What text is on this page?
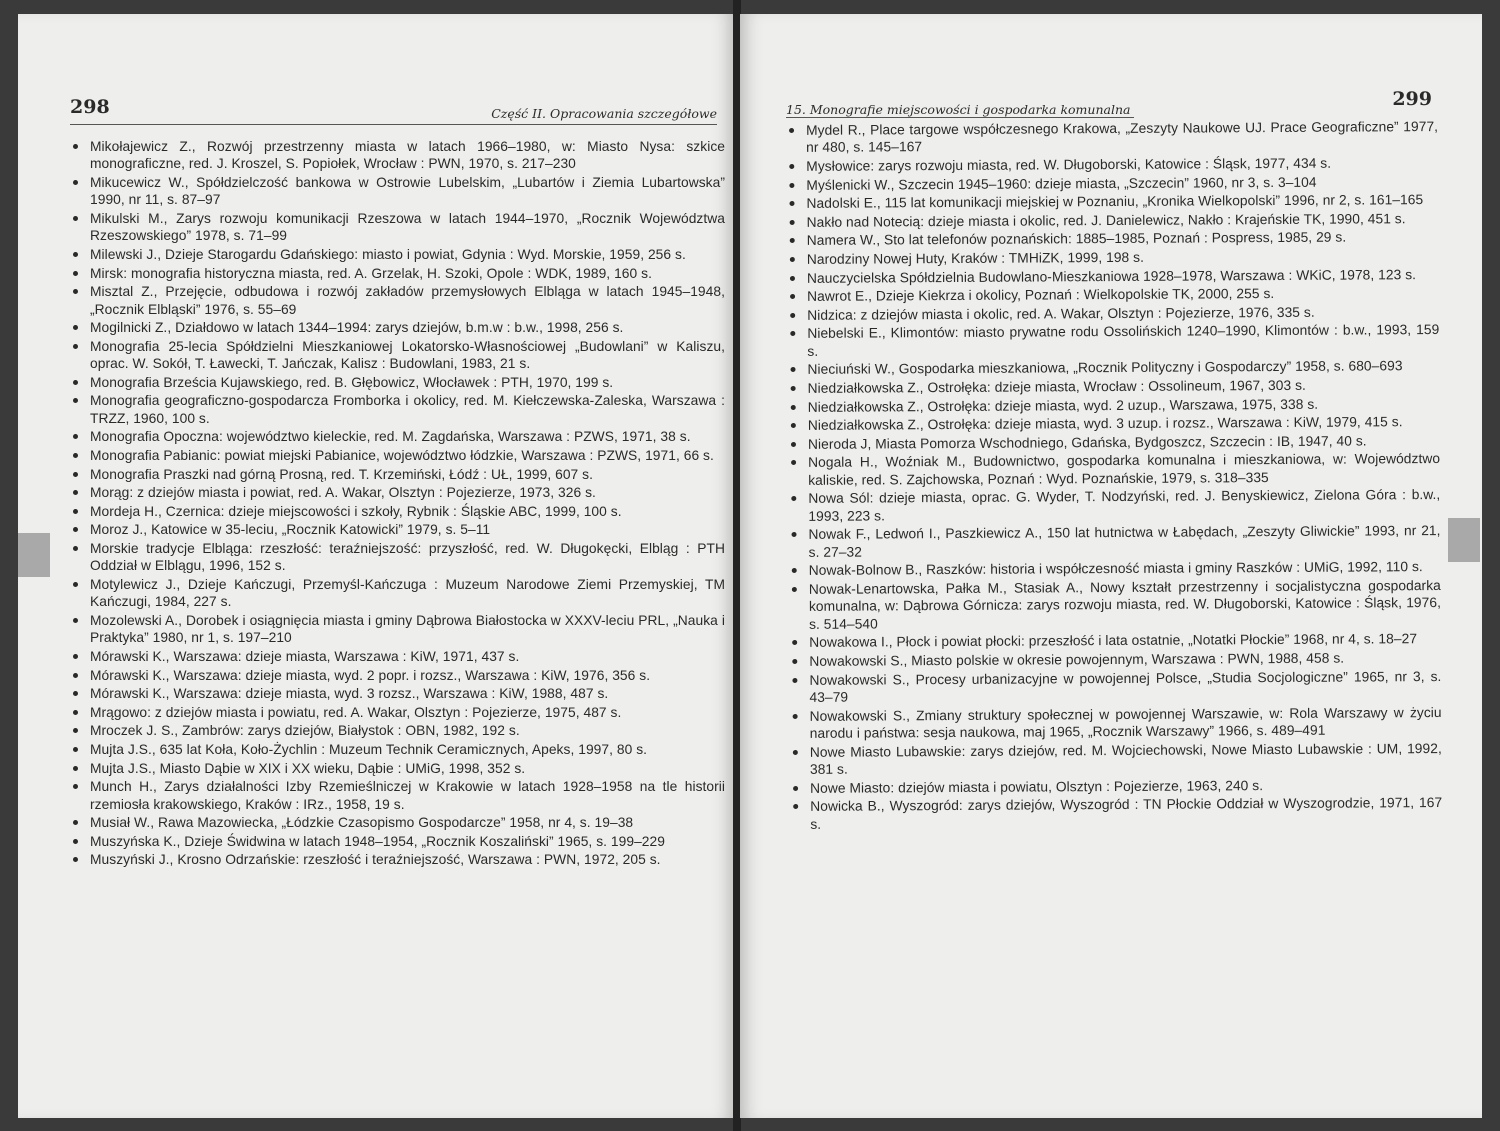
298	Część II. Opracowania szczegółowe
Mikołajewicz Z., Rozwój przestrzenny miasta w latach 1966–1980, w: Miasto Nysa: szkice monograficzne, red. J. Kroszel, S. Popiołek, Wrocław : PWN, 1970, s. 217–230
Mikucewicz W., Spółdzielczość bankowa w Ostrowie Lubelskim, „Lubartów i Ziemia Lubartowska” 1990, nr 11, s. 87–97
Mikulski M., Zarys rozwoju komunikacji Rzeszowa w latach 1944–1970, „Rocznik Województwa Rzeszowskiego” 1978, s. 71–99
Milewski J., Dzieje Starogardu Gdańskiego: miasto i powiat, Gdynia : Wyd. Morskie, 1959, 256 s.
Mirsk: monografia historyczna miasta, red. A. Grzelak, H. Szoki, Opole : WDK, 1989, 160 s.
Misztal Z., Przejęcie, odbudowa i rozwój zakładów przemysłowych Elbląga w latach 1945–1948, „Rocznik Elbląski” 1976, s. 55–69
Mogilnicki Z., Działdowo w latach 1344–1994: zarys dziejów, b.m.w : b.w., 1998, 256 s.
Monografia 25-lecia Spółdzielni Mieszkaniowej Lokatorsko-Własnościowej „Budowlani” w Kaliszu, oprac. W. Sokół, T. Ławecki, T. Jańczak, Kalisz : Budowlani, 1983, 21 s.
Monografia Brześcia Kujawskiego, red. B. Głębowicz, Włocławek : PTH, 1970, 199 s.
Monografia geograficzno-gospodarcza Fromborka i okolicy, red. M. Kiełczewska-Zaleska, Warszawa : TRZZ, 1960, 100 s.
Monografia Opoczna: województwo kieleckie, red. M. Zagdańska, Warszawa : PZWS, 1971, 38 s.
Monografia Pabianic: powiat miejski Pabianice, województwo łódzkie, Warszawa : PZWS, 1971, 66 s.
Monografia Praszki nad górną Prosną, red. T. Krzemiński, Łódź : UŁ, 1999, 607 s.
Morąg: z dziejów miasta i powiat, red. A. Wakar, Olsztyn : Pojezierze, 1973, 326 s.
Mordeja H., Czernica: dzieje miejscowości i szkoły, Rybnik : Śląskie ABC, 1999, 100 s.
Moroz J., Katowice w 35-leciu, „Rocznik Katowicki” 1979, s. 5–11
Morskie tradycje Elbląga: rzeszłość: teraźniejszość: przyszłość, red. W. Długokęcki, Elbląg : PTH Oddział w Elblągu, 1996, 152 s.
Motylewicz J., Dzieje Kańczugi, Przemyśl-Kańczuga : Muzeum Narodowe Ziemi Przemyskiej, TM Kańczugi, 1984, 227 s.
Mozolewski A., Dorobek i osiągnięcia miasta i gminy Dąbrowa Białostocka w XXXV-leciu PRL, „Nauka i Praktyka” 1980, nr 1, s. 197–210
Mórawski K., Warszawa: dzieje miasta, Warszawa : KiW, 1971, 437 s.
Mórawski K., Warszawa: dzieje miasta, wyd. 2 popr. i rozsz., Warszawa : KiW, 1976, 356 s.
Mórawski K., Warszawa: dzieje miasta, wyd. 3 rozsz., Warszawa : KiW, 1988, 487 s.
Mrągowo: z dziejów miasta i powiatu, red. A. Wakar, Olsztyn : Pojezierze, 1975, 487 s.
Mroczek J. S., Zambrów: zarys dziejów, Białystok : OBN, 1982, 192 s.
Mujta J.S., 635 lat Koła, Koło-Żychlin : Muzeum Technik Ceramicznych, Apeks, 1997, 80 s.
Mujta J.S., Miasto Dąbie w XIX i XX wieku, Dąbie : UMiG, 1998, 352 s.
Munch H., Zarys działalności Izby Rzemieślniczej w Krakowie w latach 1928–1958 na tle historii rzemiosła krakowskiego, Kraków : IRz., 1958, 19 s.
Musiał W., Rawa Mazowiecka, „Łódzkie Czasopismo Gospodarcze” 1958, nr 4, s. 19–38
Muszyńska K., Dzieje Świdwina w latach 1948–1954, „Rocznik Koszaliński” 1965, s. 199–229
Muszyński J., Krosno Odrzańskie: rzeszłość i teraźniejszość, Warszawa : PWN, 1972, 205 s.
15. Monografie miejscowości i gospodarka komunalna	299
Mydel R., Place targowe współczesnego Krakowa, „Zeszyty Naukowe UJ. Prace Geograficzne” 1977, nr 480, s. 145–167
Mysłowice: zarys rozwoju miasta, red. W. Długoborski, Katowice : Śląsk, 1977, 434 s.
Myślenicki W., Szczecin 1945–1960: dzieje miasta, „Szczecin” 1960, nr 3, s. 3–104
Nadolski E., 115 lat komunikacji miejskiej w Poznaniu, „Kronika Wielkopolski” 1996, nr 2, s. 161–165
Nakło nad Notecią: dzieje miasta i okolic, red. J. Danielewicz, Nakło : Krajeńskie TK, 1990, 451 s.
Namera W., Sto lat telefonów poznańskich: 1885–1985, Poznań : Pospress, 1985, 29 s.
Narodziny Nowej Huty, Kraków : TMHiZK, 1999, 198 s.
Nauczycielska Spółdzielnia Budowlano-Mieszkaniowa 1928–1978, Warszawa : WKiC, 1978, 123 s.
Nawrot E., Dzieje Kiekrza i okolicy, Poznań : Wielkopolskie TK, 2000, 255 s.
Nidzica: z dziejów miasta i okolic, red. A. Wakar, Olsztyn : Pojezierze, 1976, 335 s.
Niebelski E., Klimontów: miasto prywatne rodu Ossolińskich 1240–1990, Klimontów : b.w., 1993, 159 s.
Nieciuński W., Gospodarka mieszkaniowa, „Rocznik Polityczny i Gospodarczy” 1958, s. 680–693
Niedziałkowska Z., Ostrołęka: dzieje miasta, Wrocław : Ossolineum, 1967, 303 s.
Niedziałkowska Z., Ostrołęka: dzieje miasta, wyd. 2 uzup., Warszawa, 1975, 338 s.
Niedziałkowska Z., Ostrołęka: dzieje miasta, wyd. 3 uzup. i rozsz., Warszawa : KiW, 1979, 415 s.
Nieroda J, Miasta Pomorza Wschodniego, Gdańska, Bydgoszcz, Szczecin : IB, 1947, 40 s.
Nogala H., Woźniak M., Budownictwo, gospodarka komunalna i mieszkaniowa, w: Województwo kaliskie, red. S. Zajchowska, Poznań : Wyd. Poznańskie, 1979, s. 318–335
Nowa Sól: dzieje miasta, oprac. G. Wyder, T. Nodzyński, red. J. Benyskiewicz, Zielona Góra : b.w., 1993, 223 s.
Nowak F., Ledwoń I., Paszkiewicz A., 150 lat hutnictwa w Łabędach, „Zeszyty Gliwickie” 1993, nr 21, s. 27–32
Nowak-Bolnow B., Raszków: historia i współczesność miasta i gminy Raszków : UMiG, 1992, 110 s.
Nowak-Lenartowska, Pałka M., Stasiak A., Nowy kształt przestrzenny i socjalistyczna gospodarka komunalna, w: Dąbrowa Górnicza: zarys rozwoju miasta, red. W. Długoborski, Katowice : Śląsk, 1976, s. 514–540
Nowakowa I., Płock i powiat płocki: przeszłość i lata ostatnie, „Notatki Płockie” 1968, nr 4, s. 18–27
Nowakowski S., Miasto polskie w okresie powojennym, Warszawa : PWN, 1988, 458 s.
Nowakowski S., Procesy urbanizacyjne w powojennej Polsce, „Studia Socjologiczne” 1965, nr 3, s. 43–79
Nowakowski S., Zmiany struktury społecznej w powojennej Warszawie, w: Rola Warszawy w życiu narodu i państwa: sesja naukowa, maj 1965, „Rocznik Warszawy” 1966, s. 489–491
Nowe Miasto Lubawskie: zarys dziejów, red. M. Wojciechowski, Nowe Miasto Lubawskie : UM, 1992, 381 s.
Nowe Miasto: dziejów miasta i powiatu, Olsztyn : Pojezierze, 1963, 240 s.
Nowicka B., Wyszogród: zarys dziejów, Wyszogród : TN Płockie Oddział w Wyszogrodzie, 1971, 167 s.
